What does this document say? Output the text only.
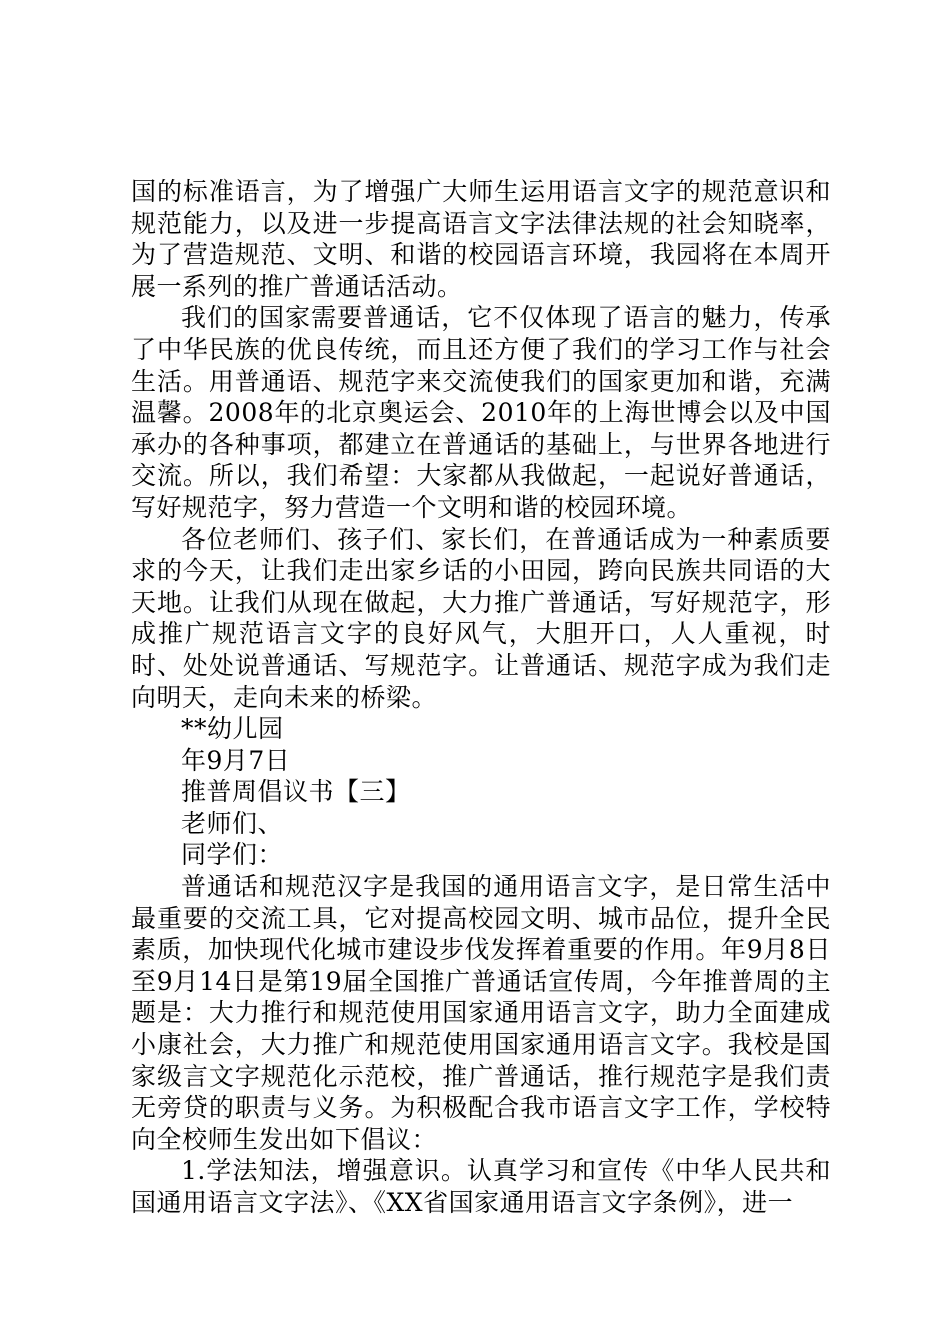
国的标准语言，为了增强广大师生运用语言文字的规范意识和规范能力，以及进一步提高语言文字法律法规的社会知晓率，为了营造规范、文明、和谐的校园语言环境，我园将在本周开展一系列的推广普通话活动。

我们的国家需要普通话，它不仅体现了语言的魅力，传承了中华民族的优良传统，而且还方便了我们的学习工作与社会生活。用普通语、规范字来交流使我们的国家更加和谐，充满温馨。2008年的北京奥运会、2010年的上海世博会以及中国承办的各种事项，都建立在普通话的基础上，与世界各地进行交流。所以，我们希望：大家都从我做起，一起说好普通话，写好规范字，努力营造一个文明和谐的校园环境。

各位老师们、孩子们、家长们，在普通话成为一种素质要求的今天，让我们走出家乡话的小田园，跨向民族共同语的大天地。让我们从现在做起，大力推广普通话，写好规范字，形成推广规范语言文字的良好风气，大胆开口，人人重视，时时、处处说普通话、写规范字。让普通话、规范字成为我们走向明天，走向未来的桥梁。

**幼儿园

年9月7日

推普周倡议书【三】

老师们、

同学们：

普通话和规范汉字是我国的通用语言文字，是日常生活中最重要的交流工具，它对提高校园文明、城市品位，提升全民素质，加快现代化城市建设步伐发挥着重要的作用。年9月8日至9月14日是第19届全国推广普通话宣传周，今年推普周的主题是：大力推行和规范使用国家通用语言文字，助力全面建成小康社会，大力推广和规范使用国家通用语言文字。我校是国家级言文字规范化示范校，推广普通话，推行规范字是我们责无旁贷的职责与义务。为积极配合我市语言文字工作，学校特向全校师生发出如下倡议：

1.学法知法，增强意识。认真学习和宣传《中华人民共和国通用语言文字法》、《XX省国家通用语言文字条例》，进一
